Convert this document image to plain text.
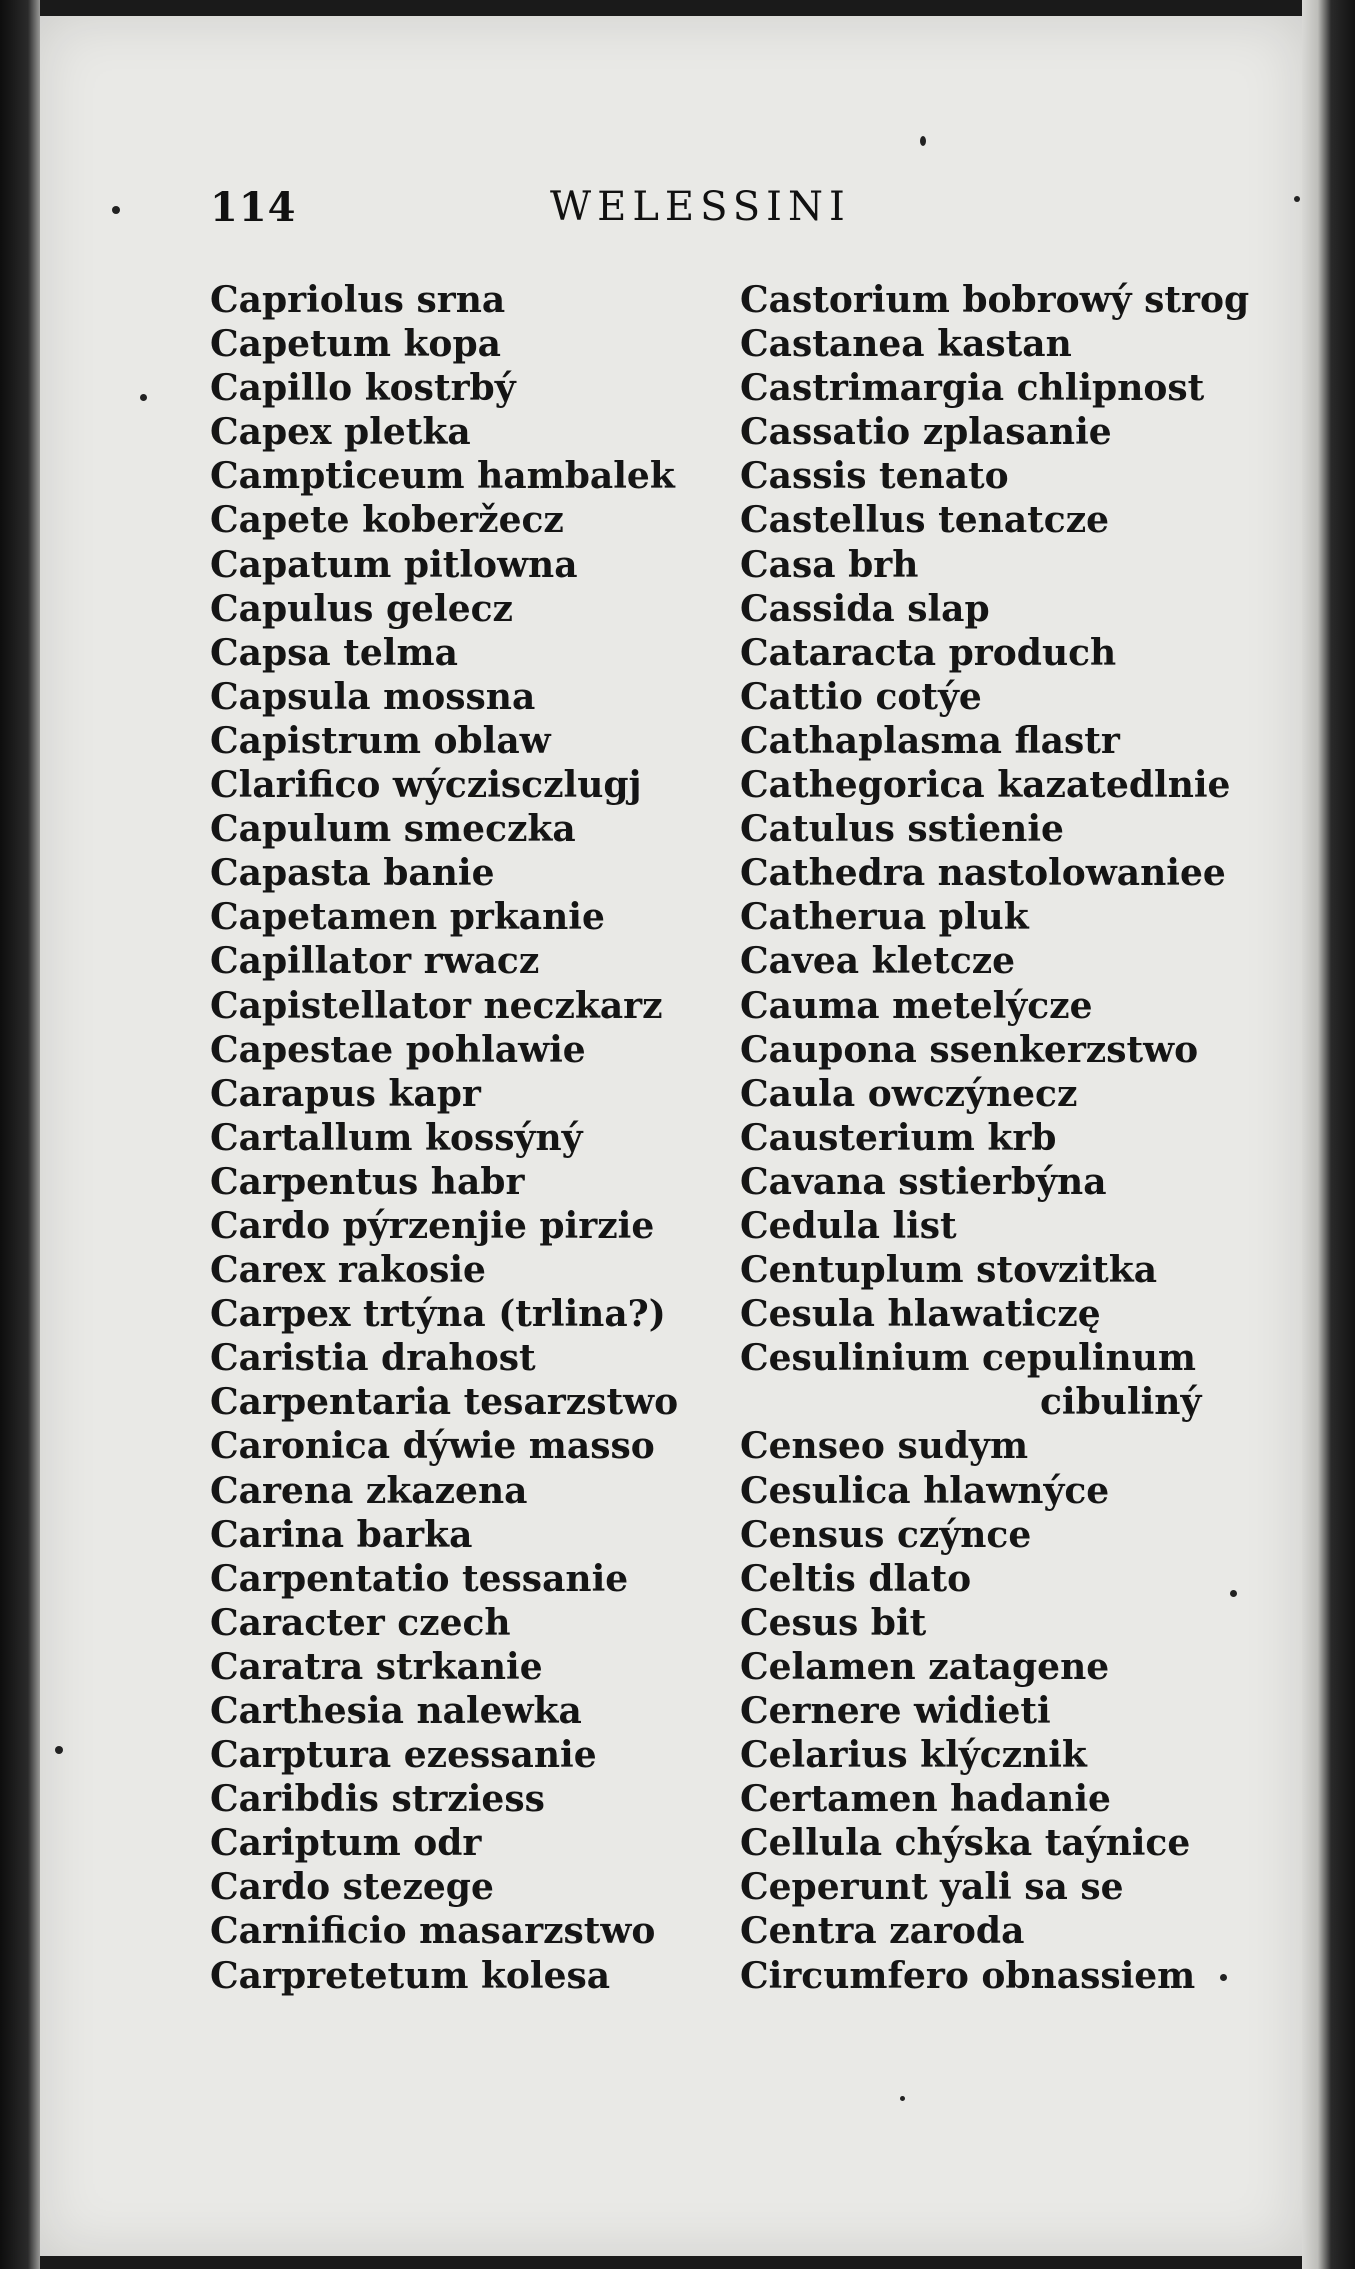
114	WELESSINI
Capriolus srna
Capetum kopa
Capillo kostrbý
Capex pletka
Campticeum hambalek
Capete koberžecz
Capatum pitlowna
Capulus gelecz
Capsa telma
Capsula mossna
Capistrum oblaw
Clarifico wýczisczlugj
Capulum smeczka
Capasta banie
Capetamen prkanie
Capillator rwacz
Capistellator neczkarz
Capestae pohlawie
Carapus kapr
Cartallum kossýný
Carpentus habr
Cardo pýrzenjie pirzie
Carex rakosie
Carpex trtýna (trlina?)
Caristia drahost
Carpentaria tesarzstwo
Caronica dýwie masso
Carena zkazena
Carina barka
Carpentatio tessanie
Caracter czech
Caratra strkanie
Carthesia nalewka
Carptura ezessanie
Caribdis strziess
Cariptum odr
Cardo stezege
Carnificio masarzstwo
Carpretetum kolesa
Castorium bobrowý strog
Castanea kastan
Castrimargia chlipnost
Cassatio zplasanie
Cassis tenato
Castellus tenatcze
Casa brh
Cassida slap
Cataracta produch
Cattio cotýe
Cathaplasma flastr
Cathegorica kazatedlnie
Catulus sstienie
Cathedra nastolowaniee
Catherua pluk
Cavea kletcze
Cauma metelýcze
Caupona ssenkerzstwo
Caula owczýnecz
Causterium krb
Cavana sstierbýna
Cedula list
Centuplum stovzitka
Cesula hlawaticzę
Cesulinium cepulinum
cibuliný
Censeo sudym
Cesulica hlawnýce
Census czýnce
Celtis dlato
Cesus bit
Celamen zatagene
Cernere widieti
Celarius klýcznik
Certamen hadanie
Cellula chýska taýnice
Ceperunt yali sa se
Centra zaroda
Circumfero obnassiem
